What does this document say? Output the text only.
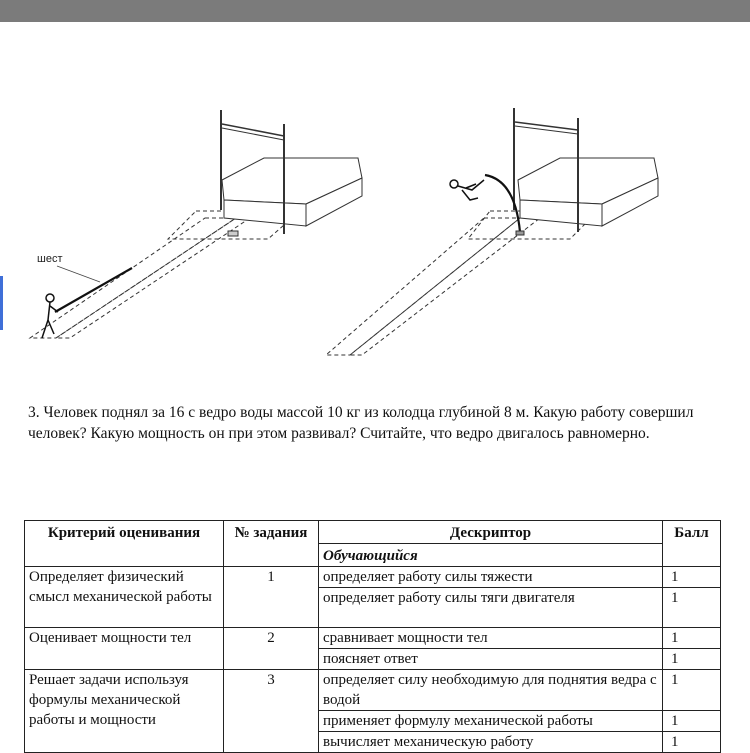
шест

3. Человек поднял за 16 с ведро воды массой 10 кг из колодца глубиной 8 м. Какую работу совершил человек? Какую мощность он при этом развивал? Считайте, что ведро двигалось равномерно.

Критерий оценивания	№ задания	Дескриптор	Балл
		Обучающийся	
Определяет физический смысл механической работы	1	определяет работу силы тяжести	1
		определяет работу силы тяги двигателя	1
Оценивает мощности тел	2	сравнивает мощности тел	1
		поясняет ответ	1
Решает задачи используя формулы механической работы и мощности	3	определяет силу необходимую для поднятия ведра с водой	1
		применяет формулу механической работы	1
		вычисляет механическую работу	1
